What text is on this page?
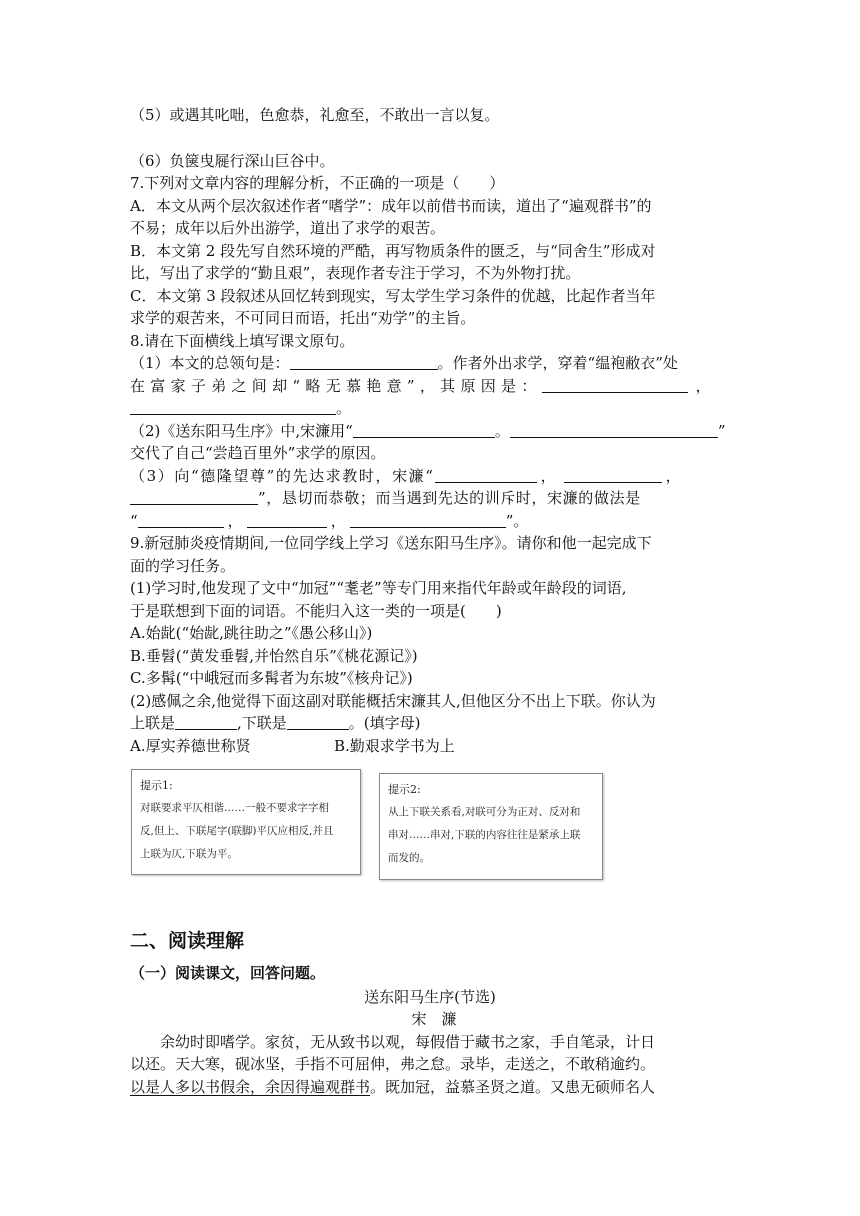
（5）或遇其叱咄，色愈恭，礼愈至，不敢出一言以复。
（6）负箧曳屣行深山巨谷中。
7.下列对文章内容的理解分析，不正确的一项是（　　）
A．本文从两个层次叙述作者“嗜学”：成年以前借书而读，道出了“遍观群书”的
不易；成年以后外出游学，道出了求学的艰苦。
B．本文第 2 段先写自然环境的严酷，再写物质条件的匮乏，与“同舍生”形成对
比，写出了求学的“勤且艰”，表现作者专注于学习，不为外物打扰。
C．本文第 3 段叙述从回忆转到现实，写太学生学习条件的优越，比起作者当年
求学的艰苦来，不可同日而语，托出“劝学”的主旨。
8.请在下面横线上填写课文原句。
（1）本文的总领句是：	。作者外出求学，穿着“缊袍敝衣”处
在富家子弟之间却“略无慕艳意”，其原因是：	，
。
（2)《送东阳马生序》中,宋濂用“	。	”
交代了自己“尝趋百里外”求学的原因。
（3）向“德隆望尊”的先达求教时，宋濂“	，	，
”，恳切而恭敬；而当遇到先达的训斥时，宋濂的做法是
“	，	，	”。
9.新冠肺炎疫情期间,一位同学线上学习《送东阳马生序》。请你和他一起完成下
面的学习任务。
(1)学习时,他发现了文中“加冠”“耄老”等专门用来指代年龄或年龄段的词语,
于是联想到下面的词语。不能归入这一类的一项是(　　)
A.始龀(“始龀,跳往助之”《愚公移山》)
B.垂髫(“黄发垂髫,并怡然自乐”《桃花源记》)
C.多髯(“中峨冠而多髯者为东坡”《核舟记》)
(2)感佩之余,他觉得下面这副对联能概括宋濂其人,但他区分不出上下联。你认为
上联是	,下联是	。(填字母)
A.厚实养德世称贤	B.勤艰求学书为上
提示1:
对联要求平仄相谐……一般不要求字字相
反,但上、下联尾字(联脚)平仄应相反,并且
上联为仄,下联为平。
提示2:
从上下联关系看,对联可分为正对、反对和
串对……串对,下联的内容往往是紧承上联
而发的。
二、阅读理解
（一）阅读课文，回答问题。
送东阳马生序(节选)
宋　濂
余幼时即嗜学。家贫，无从致书以观，每假借于藏书之家，手自笔录，计日
以还。天大寒，砚冰坚，手指不可屈伸，弗之怠。录毕，走送之，不敢稍逾约。
以是人多以书假余，余因得遍观群书。既加冠，益慕圣贤之道。又患无硕师名人
